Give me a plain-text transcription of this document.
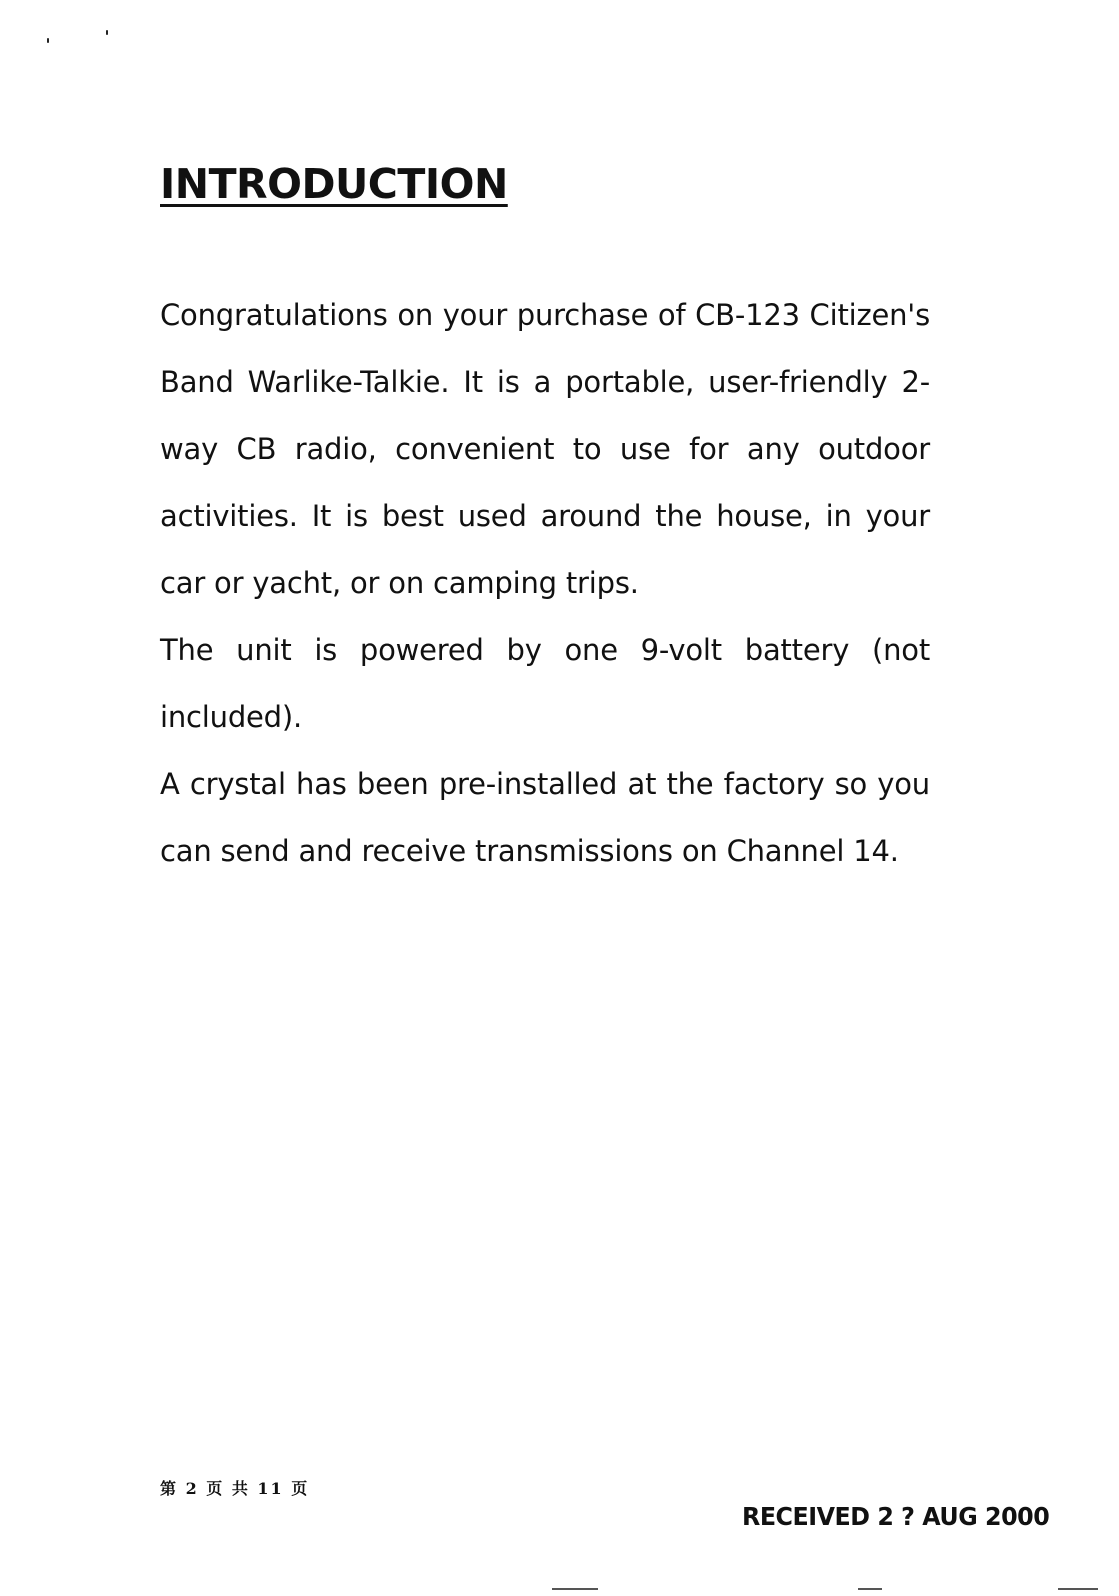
INTRODUCTION

Congratulations on your purchase of CB-123 Citizen's Band Warlike-Talkie. It is a portable, user-friendly 2-way CB radio, convenient to use for any outdoor activities. It is best used around the house, in your car or yacht, or on camping trips.

The unit is powered by one 9-volt battery (not included).

A crystal has been pre-installed at the factory so you can send and receive transmissions on Channel 14.

第 2 页 共 11 页
RECEIVED 2 ? AUG 2000
